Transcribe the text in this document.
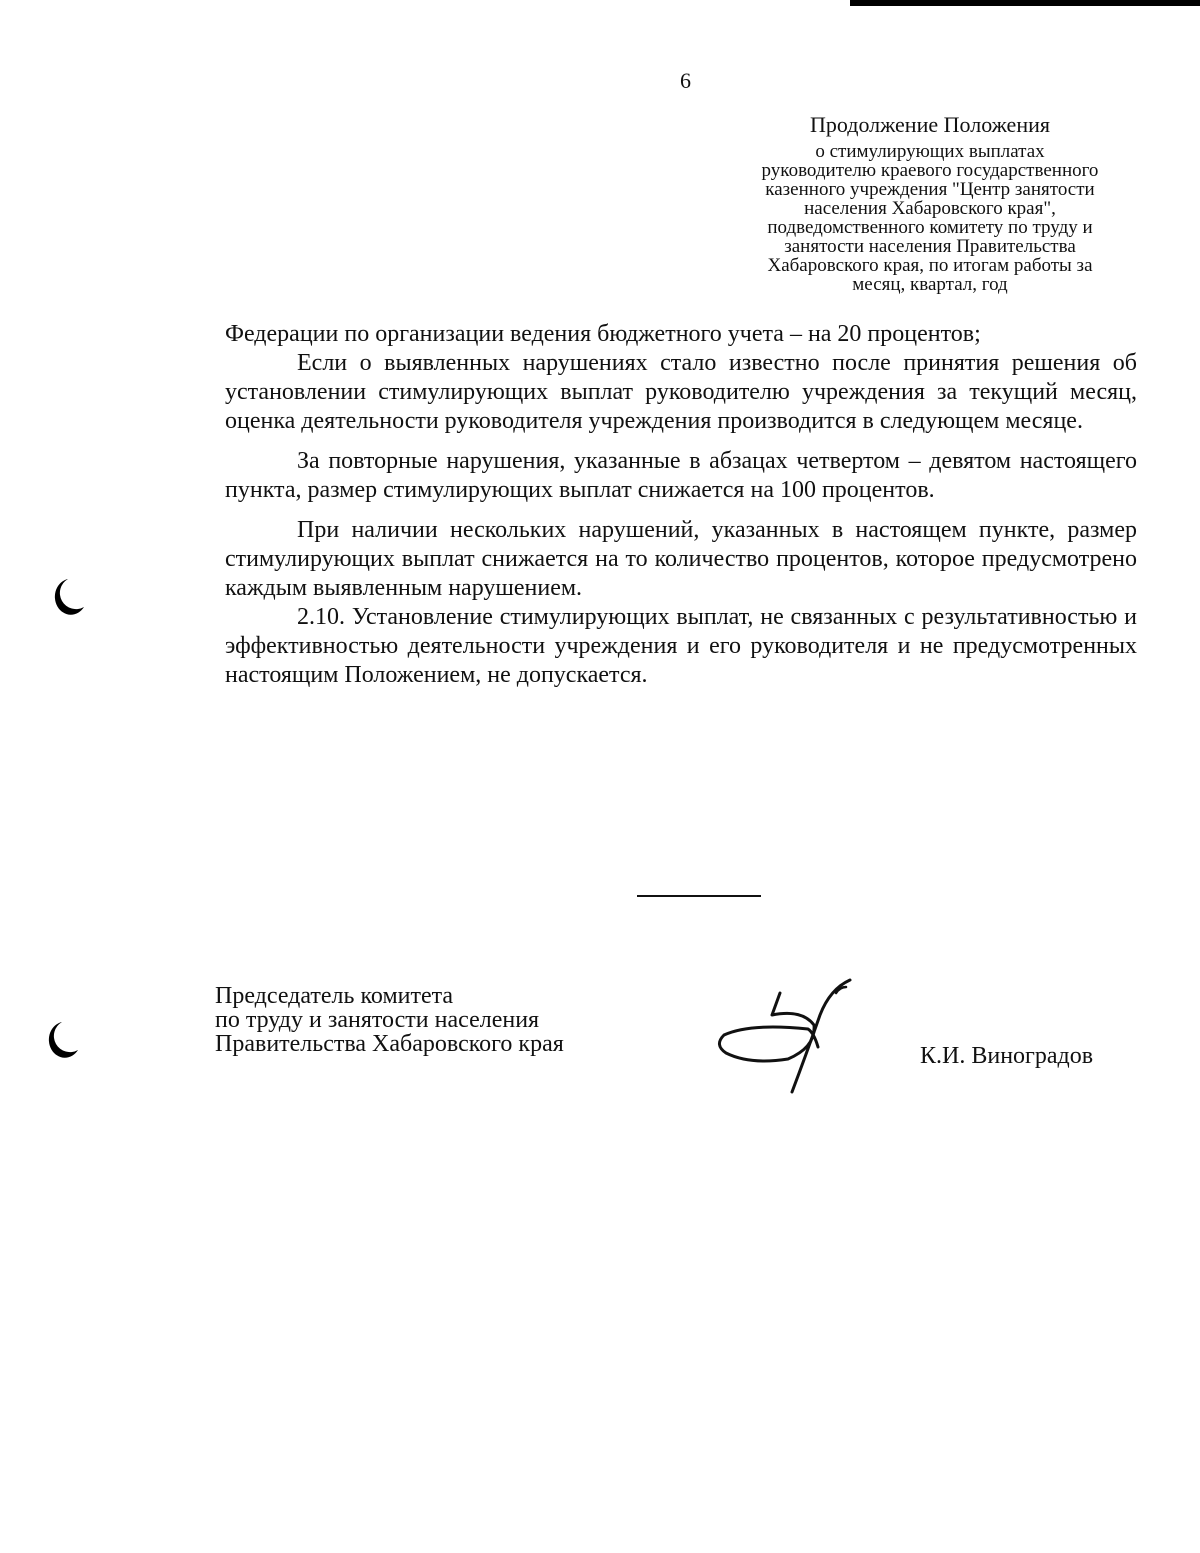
6
Продолжение Положения
о стимулирующих выплатах
руководителю краевого государственного
казенного учреждения "Центр занятости
населения Хабаровского края",
подведомственного комитету по труду и
занятости населения Правительства
Хабаровского края, по итогам работы за
месяц, квартал, год

Федерации по организации ведения бюджетного учета – на 20 процентов;

Если о выявленных нарушениях стало известно после принятия решения об установлении стимулирующих выплат руководителю учреждения за текущий месяц, оценка деятельности руководителя учреждения производится в следующем месяце.

За повторные нарушения, указанные в абзацах четвертом – девятом настоящего пункта, размер стимулирующих выплат снижается на 100 процентов.

При наличии нескольких нарушений, указанных в настоящем пункте, размер стимулирующих выплат снижается на то количество процентов, которое предусмотрено каждым выявленным нарушением.

2.10. Установление стимулирующих выплат, не связанных с результативностью и эффективностью деятельности учреждения и его руководителя и не предусмотренных настоящим Положением, не допускается.

Председатель комитета
по труду и занятости населения
Правительства Хабаровского края	К.И. Виноградов
